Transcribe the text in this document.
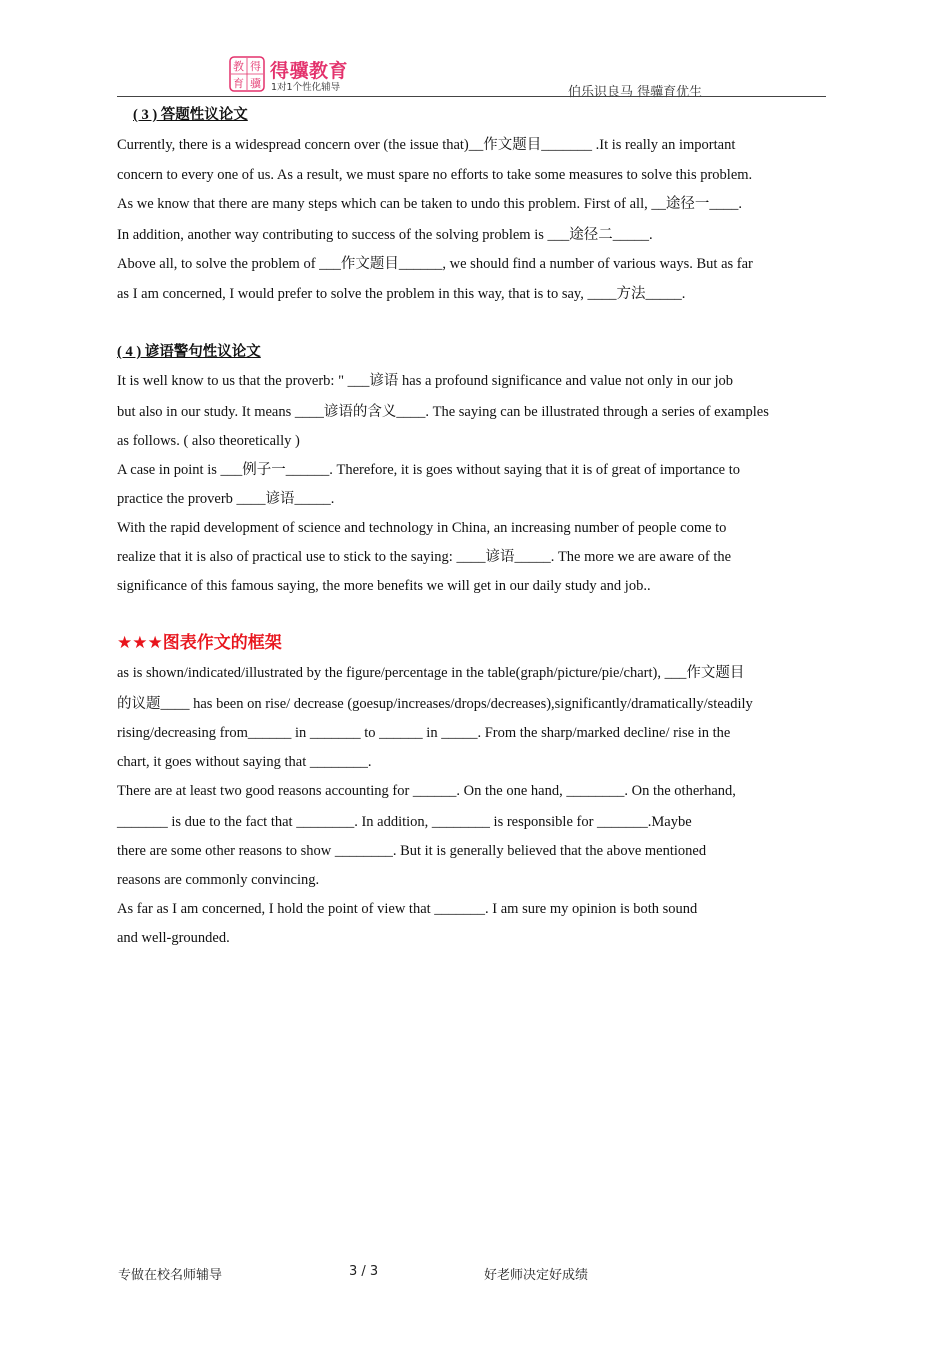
教 得
育 骥
得骥教育
1对1个性化辅导	伯乐识良马 得骥育优生
( 3 ) 答题性议论文
Currently, there is a widespread concern over (the issue that)__作文题目_______ .It is really an important
concern to every one of us. As a result, we must spare no efforts to take some measures to solve this problem.
As we know that there are many steps which can be taken to undo this problem. First of all, __途径一____.
In addition, another way contributing to success of the solving problem is ___途径二_____.
Above all, to solve the problem of ___作文题目______, we should find a number of various ways. But as far
as I am concerned, I would prefer to solve the problem in this way, that is to say, ____方法_____.
( 4 ) 谚语警句性议论文
It is well know to us that the proverb: " ___谚语 has a profound significance and value not only in our job
but also in our study. It means ____谚语的含义____. The saying can be illustrated through a series of examples
as follows. ( also theoretically )
A case in point is ___例子一______. Therefore, it is goes without saying that it is of great of importance to
practice the proverb ____谚语_____.
With the rapid development of science and technology in China, an increasing number of people come to
realize that it is also of practical use to stick to the saying: ____谚语_____. The more we are aware of the
significance of this famous saying, the more benefits we will get in our daily study and job..
★★★图表作文的框架
as is shown/indicated/illustrated by the figure/percentage in the table(graph/picture/pie/chart), ___作文题目
的议题____ has been on rise/ decrease (goesup/increases/drops/decreases),significantly/dramatically/steadily
rising/decreasing from______ in _______ to ______ in _____. From the sharp/marked decline/ rise in the
chart, it goes without saying that ________.
There are at least two good reasons accounting for ______. On the one hand, ________. On the otherhand,
_______ is due to the fact that ________. In addition, ________ is responsible for _______.Maybe
there are some other reasons to show ________. But it is generally believed that the above mentioned
reasons are commonly convincing.
As far as I am concerned, I hold the point of view that _______. I am sure my opinion is both sound
and well-grounded.
专做在校名师辅导	3 / 3	好老师决定好成绩
